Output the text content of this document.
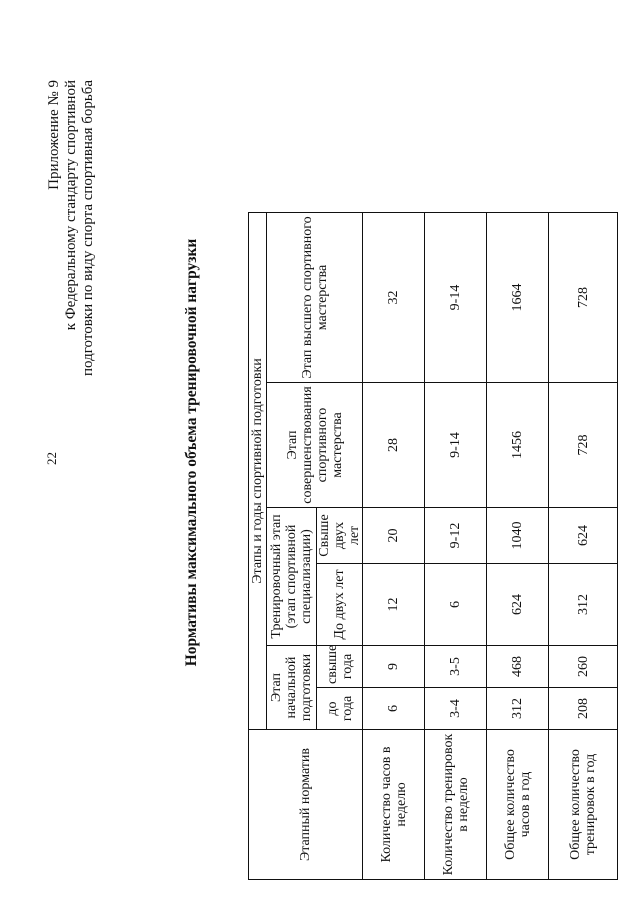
22
Приложение № 9 к Федеральному стандарту спортивной подготовки по виду спорта спортивная борьба
Нормативы максимального объема тренировочной нагрузки
Этапный норматив	Этапы и годы спортивной подготовки					
	Этап начальной подготовки		Тренировочный этап (этап спортивной специализации)		Этап совершенствования спортивного мастерства	Этап высшего спортивного мастерства
	до года	свыше года	До двух лет	Свыше двух лет		
Количество часов в неделю	6	9	12	20	28	32
Количество тренировок в неделю	3-4	3-5	6	9-12	9-14	9-14
Общее количество часов в год	312	468	624	1040	1456	1664
Общее количество тренировок в год	208	260	312	624	728	728
